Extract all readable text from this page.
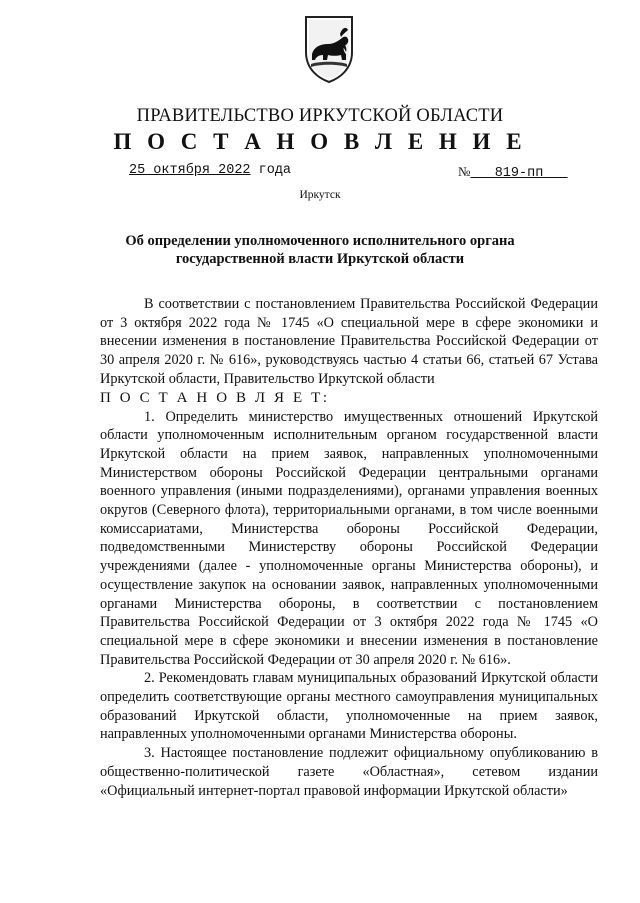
ПРАВИТЕЛЬСТВО ИРКУТСКОЙ ОБЛАСТИ
П О С Т А Н О В Л Е Н И Е
25 октября 2022 года	№   819-пп
Иркутск
Об определении уполномоченного исполнительного органа
государственной власти Иркутской области

В соответствии с постановлением Правительства Российской Федерации от 3 октября 2022 года № 1745 «О специальной мере в сфере экономики и внесении изменения в постановление Правительства Российской Федерации от 30 апреля 2020 г. № 616», руководствуясь частью 4 статьи 66, статьей 67 Устава Иркутской области, Правительство Иркутской области

П О С Т А Н О В Л Я Е Т:

1. Определить министерство имущественных отношений Иркутской области уполномоченным исполнительным органом государственной власти Иркутской области на прием заявок, направленных уполномоченными Министерством обороны Российской Федерации центральными органами военного управления (иными подразделениями), органами управления военных округов (Северного флота), территориальными органами, в том числе военными комиссариатами, Министерства обороны Российской Федерации, подведомственными Министерству обороны Российской Федерации учреждениями (далее - уполномоченные органы Министерства обороны), и осуществление закупок на основании заявок, направленных уполномоченными органами Министерства обороны, в соответствии с постановлением Правительства Российской Федерации от 3 октября 2022 года № 1745 «О специальной мере в сфере экономики и внесении изменения в постановление Правительства Российской Федерации от 30 апреля 2020 г. № 616».

2. Рекомендовать главам муниципальных образований Иркутской области определить соответствующие органы местного самоуправления муниципальных образований Иркутской области, уполномоченные на прием заявок, направленных уполномоченными органами Министерства обороны.

3. Настоящее постановление подлежит официальному опубликованию в общественно-политической газете «Областная», сетевом издании «Официальный интернет-портал правовой информации Иркутской области»
